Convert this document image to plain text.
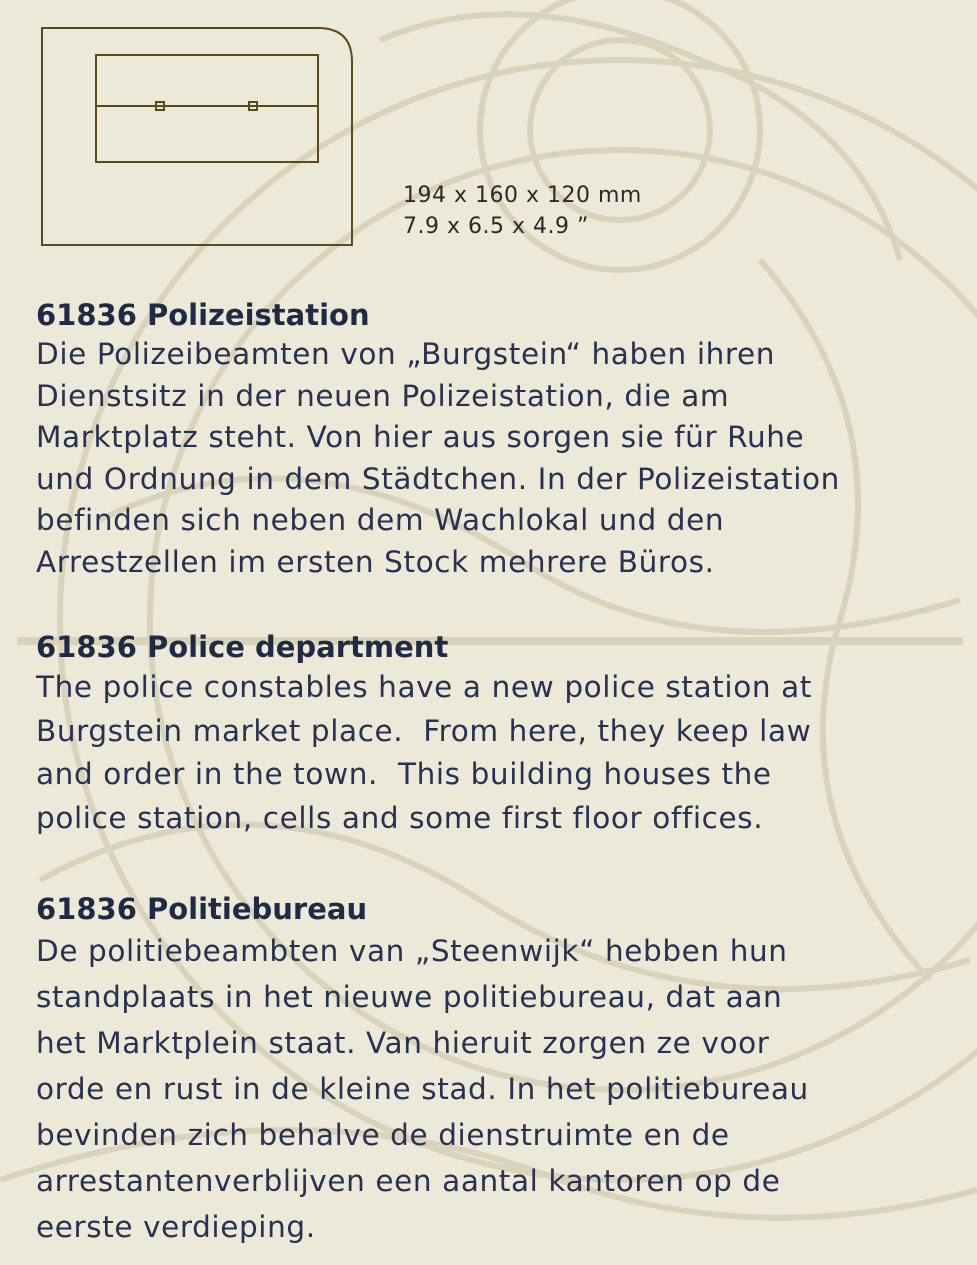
194 x 160 x 120 mm
7.9 x 6.5 x 4.9 ”
61836 Polizeistation
Die Polizeibeamten von „Burgstein“ haben ihren
Dienstsitz in der neuen Polizeistation, die am
Marktplatz steht. Von hier aus sorgen sie für Ruhe
und Ordnung in dem Städtchen. In der Polizeistation
befinden sich neben dem Wachlokal und den
Arrestzellen im ersten Stock mehrere Büros.
61836 Police department
The police constables have a new police station at
Burgstein market place.  From here, they keep law
and order in the town.  This building houses the
police station, cells and some first floor offices.
61836 Politiebureau
De politiebeambten van „Steenwijk“ hebben hun
standplaats in het nieuwe politiebureau, dat aan
het Marktplein staat. Van hieruit zorgen ze voor
orde en rust in de kleine stad. In het politiebureau
bevinden zich behalve de dienstruimte en de
arrestantenverblijven een aantal kantoren op de
eerste verdieping.
